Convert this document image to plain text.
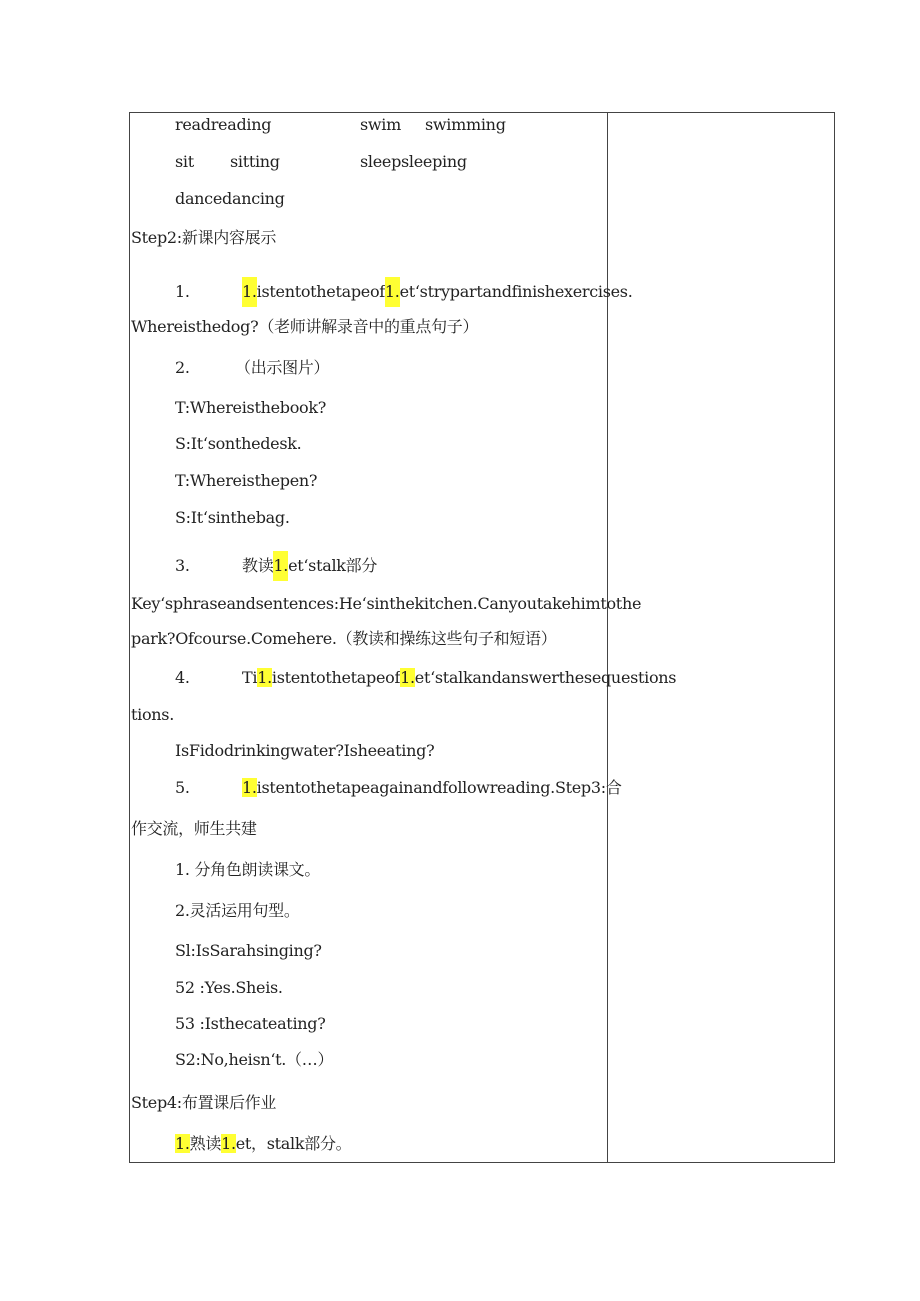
readreading	swim swimming
sit sitting	sleepsleeping
dancedancing
Step2:新课内容展示
1.	1.istentothetapeof1.et‘strypartandfinishexercises.
Whereisthedog?（老师讲解录音中的重点句子）
2.	（出示图片）
T:Whereisthebook?
S:It‘sonthedesk.
T:Whereisthepen?
S:It‘sinthebag.
3.	教读1.et‘stalk部分
Key‘sphraseandsentences:He‘sinthekitchen.Canyoutakehimtothe
park?Ofcourse.Comehere.（教读和操练这些句子和短语）
4.	Ti1.istentothetapeof1.et‘stalkandanswerthesequestions
tions.
IsFidodrinkingwater?Isheeating?
5.	1.istentothetapeagainandfollowreading.Step3:合
作交流，师生共建
1. 分角色朗读课文。
2.灵活运用句型。
Sl:IsSarahsinging?
52 :Yes.Sheis.
53 :Isthecateating?
S2:No,heisn‘t.（…）
Step4:布置课后作业
1.熟读1.et，stalk部分。
